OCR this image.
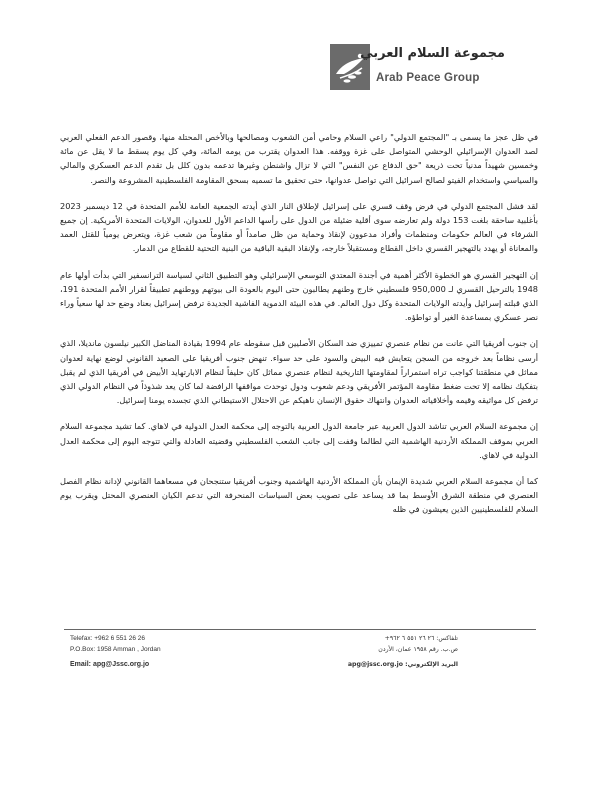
مجموعة السلام العربي
Arab Peace Group

في ظل عجز ما يسمى بـ "المجتمع الدولي" راعي السلام وحامي أمن الشعوب ومصالحها وبالأخص المحتلة منها، وقصور الدعم الفعلي العربي لصد العدوان الإسرائيلي الوحشي المتواصل على غزة ووقفه. هذا العدوان يقترب من يومه المائة، وفي كل يوم يسقط ما لا يقل عن مائة وخمسين شهيداً مدنياً تحت ذريعة "حق الدفاع عن النفس" التي لا تزال واشنطن وغيرها تدعمه بدون كلل بل تقدم الدعم العسكري والمالي والسياسي واستخدام الفيتو لصالح اسرائيل التي تواصل عدوانها، حتى تحقيق ما تسميه بسحق المقاومة الفلسطينية المشروعة والنصر.

لقد فشل المجتمع الدولي في فرض وقف قسري على إسرائيل لإطلاق النار الذي أيدته الجمعية العامة للأمم المتحدة في 12 ديسمبر 2023 بأغلبية ساحقة بلغت 153 دولة ولم تعارضه سوى أقلية ضئيلة من الدول على رأسها الداعم الأول للعدوان، الولايات المتحدة الأمريكية. إن جميع الشرفاء في العالم حكومات ومنظمات وأفراد مدعوون لإنقاذ وحماية من ظل صامداً أو مقاوماً من شعب غزة، ويتعرض يومياً للقتل العمد والمعاناة أو يهدد بالتهجير القسري داخل القطاع ومستقبلاً خارجه، ولإنقاذ البقية الباقية من البنية التحتية للقطاع من الدمار.

إن التهجير القسري هو الخطوة الأكثر أهمية في أجندة المعتدي التوسعي الإسرائيلي وهو التطبيق الثاني لسياسة الترانسفير التي بدأت أولها عام 1948 بالترحيل القسري لـ 950,000 فلسطيني خارج وطنهم يطالبون حتى اليوم بالعودة الى بيوتهم ووطنهم تطبيقاً لقرار الأمم المتحدة 191، الذي قبلته إسرائيل وأيدته الولايات المتحدة وكل دول العالم. في هذه البيئة الدموية الفاشية الجديدة ترفض إسرائيل بعناد وضع حد لها سعياً وراء نصر عسكري بمساعدة الغير أو تواطؤه.

إن جنوب أفريقيا التي عانت من نظام عنصري تمييزي ضد السكان الأصليين قبل سقوطه عام 1994 بقيادة المناضل الكبير نيلسون مانديلا، الذي أرسى نظاماً بعد خروجه من السجن يتعايش فيه البيض والسود على حد سواء. تنهض جنوب أفريقيا على الصعيد القانوني لوضع نهاية لعدوان مماثل في منطقتنا كواجب تراه استمراراً لمقاومتها التاريخية لنظام عنصري مماثل كان حليفاً لنظام الابارتهايد الأبيض في أفريقيا الذي لم يقبل بتفكيك نظامه إلا تحت ضغط مقاومة المؤتمر الأفريقي ودعم شعوب ودول توحدت مواقفها الرافضة لما كان يعد شذوذاً في النظام الدولي الذي ترفض كل مواثيقه وقيمه وأخلاقياته العدوان وانتهاك حقوق الإنسان ناهيكم عن الاحتلال الاستيطاني الذي تجسده يومنا إسرائيل.

إن مجموعة السلام العربي تناشد الدول العربية عبر جامعة الدول العربية بالتوجه إلى محكمة العدل الدولية في لاهاي. كما تشيد مجموعة السلام العربي بموقف المملكة الأردنية الهاشمية التي لطالما وقفت إلى جانب الشعب الفلسطيني وقضيته العادلة والتي تتوجه اليوم إلى محكمة العدل الدولية في لاهاي.

كما أن مجموعة السلام العربي شديدة الإيمان بأن المملكة الأردنية الهاشمية وجنوب أفريقيا ستنجحان في مسعاهما القانوني لإدانة نظام الفصل العنصري في منطقة الشرق الأوسط بما قد يساعد على تصويب بعض السياسات المنحرفة التي تدعم الكيان العنصري المحتل ويقرب يوم السلام للفلسطينيين الذين يعيشون في ظله

Telefax: +962 6 551 26 26
P.O.Box: 1958 Amman , Jordan
Email: apg@Jssc.org.jo
تلفاكس: ٢٦ ٢٦ ٥٥١ ٦ ٩٦٢+
ص.ب. رقم ١٩٥٨ عمان، الأردن
البريد الإلكتروني: apg@jssc.org.jo
